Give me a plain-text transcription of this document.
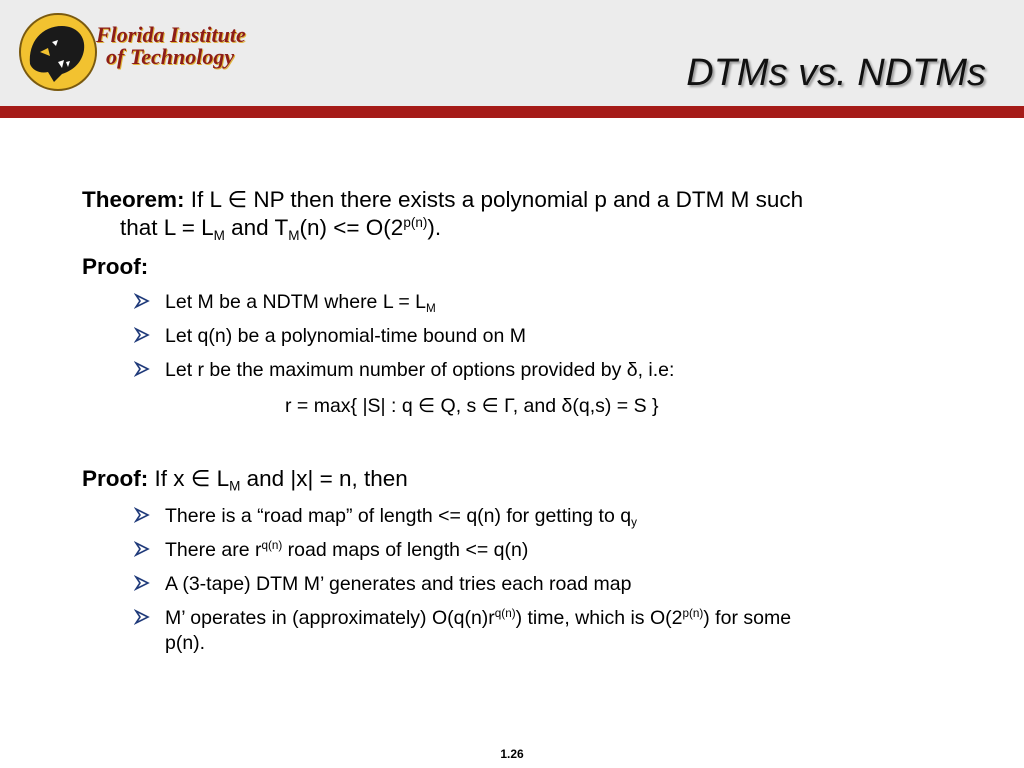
Florida Institute
of Technology	DTMs vs. NDTMs
Theorem: If L ∈ NP then there exists a polynomial p and a DTM M such
that $L = L_M$ and $T_M(n) <= O(2^{p(n)})$.
Proof:
Let M be a NDTM where $L = L_M$
Let q(n) be a polynomial-time bound on M
Let r be the maximum number of options provided by δ, i.e:
r = max{ |S| : q ∈ Q, s ∈ Γ, and δ(q,s) = S }
Proof: If x ∈ $L_M$ and |x| = n, then
There is a “road map” of length <= q(n) for getting to $q_y$
There are $r^{q(n)}$ road maps of length <= q(n)
A (3-tape) DTM M’ generates and tries each road map
M’ operates in (approximately) $O(q(n)r^{q(n)})$ time, which is $O(2^{p(n)})$ for some
p(n).
1.26
